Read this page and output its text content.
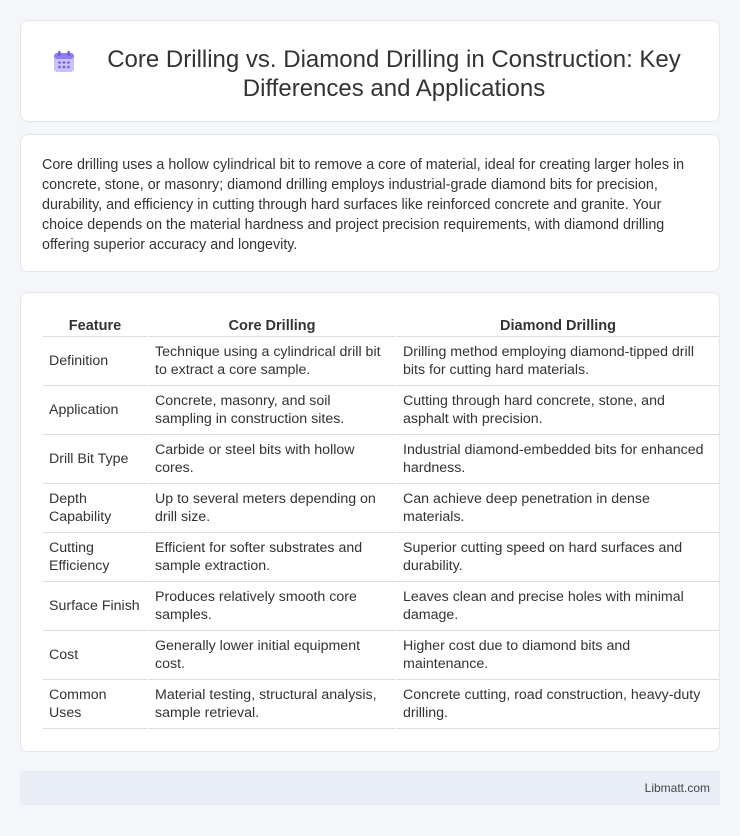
Core Drilling vs. Diamond Drilling in Construction: Key Differences and Applications

Core drilling uses a hollow cylindrical bit to remove a core of material, ideal for creating larger holes in concrete, stone, or masonry; diamond drilling employs industrial-grade diamond bits for precision, durability, and efficiency in cutting through hard surfaces like reinforced concrete and granite. Your choice depends on the material hardness and project precision requirements, with diamond drilling offering superior accuracy and longevity.

Feature	Core Drilling	Diamond Drilling
Definition	Technique using a cylindrical drill bit to extract a core sample.	Drilling method employing diamond-tipped drill bits for cutting hard materials.
Application	Concrete, masonry, and soil sampling in construction sites.	Cutting through hard concrete, stone, and asphalt with precision.
Drill Bit Type	Carbide or steel bits with hollow cores.	Industrial diamond-embedded bits for enhanced hardness.
Depth Capability	Up to several meters depending on drill size.	Can achieve deep penetration in dense materials.
Cutting Efficiency	Efficient for softer substrates and sample extraction.	Superior cutting speed on hard surfaces and durability.
Surface Finish	Produces relatively smooth core samples.	Leaves clean and precise holes with minimal damage.
Cost	Generally lower initial equipment cost.	Higher cost due to diamond bits and maintenance.
Common Uses	Material testing, structural analysis, sample retrieval.	Concrete cutting, road construction, heavy-duty drilling.
Libmatt.com
